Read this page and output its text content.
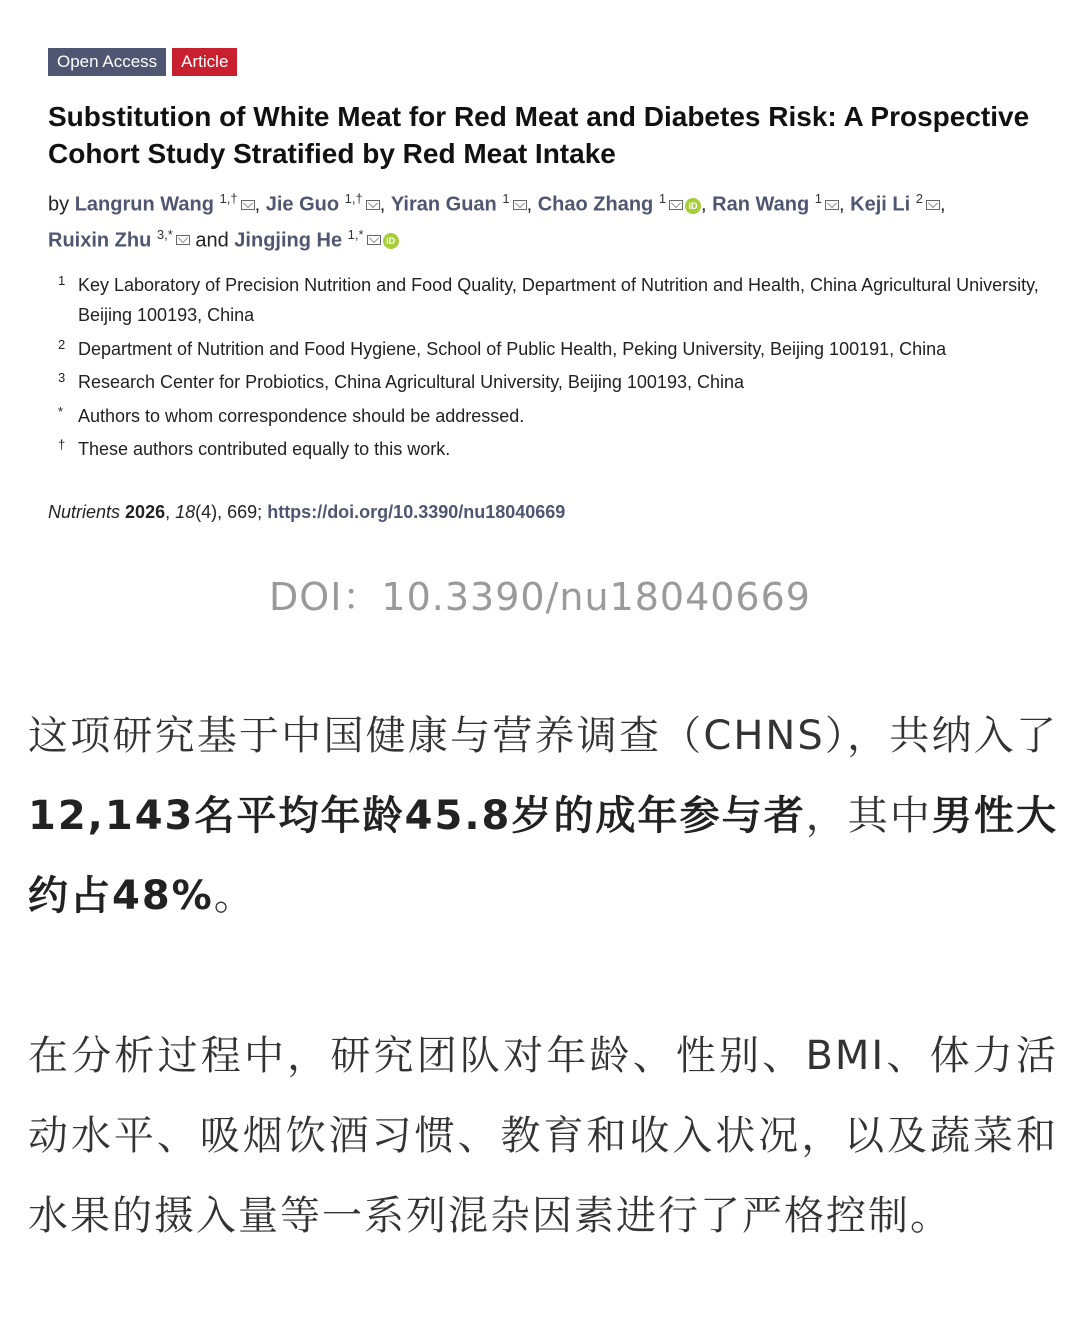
Open Access	Article
Substitution of White Meat for Red Meat and Diabetes Risk: A Prospective Cohort Study Stratified by Red Meat Intake
by Langrun Wang $^{1,\dagger}$ , Jie Guo $^{1,\dagger}$ , Yiran Guan $^1$ , Chao Zhang $^1$	iD , Ran Wang $^1$ , Keji Li $^2$ ,
Ruixin Zhu $^{3,*}$ and Jingjing He $^{1,*}$	iD
1 Key Laboratory of Precision Nutrition and Food Quality, Department of Nutrition and Health, China Agricultural University, Beijing 100193, China
2 Department of Nutrition and Food Hygiene, School of Public Health, Peking University, Beijing 100191, China
3 Research Center for Probiotics, China Agricultural University, Beijing 100193, China
* Authors to whom correspondence should be addressed.
† These authors contributed equally to this work.
Nutrients 2026, 18(4), 669; https://doi.org/10.3390/nu18040669
DOI：10.3390/nu18040669
这项研究基于中国健康与营养调查（CHNS），共纳入了12,143名平均年龄45.8岁的成年参与者，其中男性大约占48%。
在分析过程中，研究团队对年龄、性别、BMI、体力活动水平、吸烟饮酒习惯、教育和收入状况，以及蔬菜和水果的摄入量等一系列混杂因素进行了严格控制。
